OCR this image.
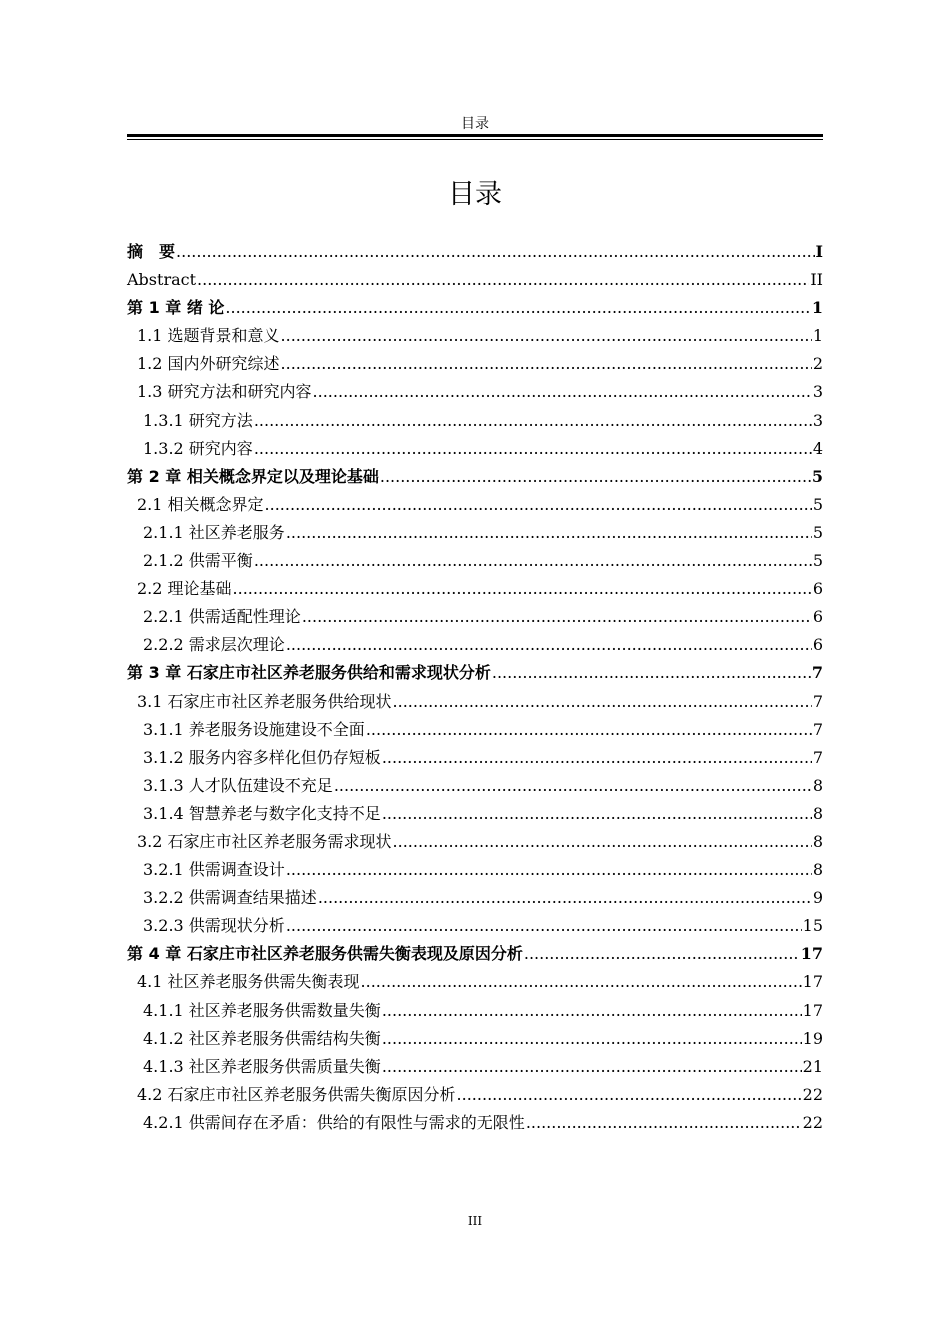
目录
目录
摘　要 .....	I
Abstract .....	II
第 1 章 绪 论 .....	1
1.1 选题背景和意义 .....	1
1.2 国内外研究综述 .....	2
1.3 研究方法和研究内容 .....	3
1.3.1 研究方法 .....	3
1.3.2 研究内容 .....	4
第 2 章 相关概念界定以及理论基础 .....	5
2.1 相关概念界定 .....	5
2.1.1 社区养老服务 .....	5
2.1.2 供需平衡 .....	5
2.2 理论基础 .....	6
2.2.1 供需适配性理论 .....	6
2.2.2 需求层次理论 .....	6
第 3 章 石家庄市社区养老服务供给和需求现状分析 .....	7
3.1 石家庄市社区养老服务供给现状 .....	7
3.1.1 养老服务设施建设不全面 .....	7
3.1.2 服务内容多样化但仍存短板 .....	7
3.1.3 人才队伍建设不充足 .....	8
3.1.4 智慧养老与数字化支持不足 .....	8
3.2 石家庄市社区养老服务需求现状 .....	8
3.2.1 供需调查设计 .....	8
3.2.2 供需调查结果描述 .....	9
3.2.3 供需现状分析 .....	15
第 4 章 石家庄市社区养老服务供需失衡表现及原因分析 .....	17
4.1 社区养老服务供需失衡表现 .....	17
4.1.1 社区养老服务供需数量失衡 .....	17
4.1.2 社区养老服务供需结构失衡 .....	19
4.1.3 社区养老服务供需质量失衡 .....	21
4.2 石家庄市社区养老服务供需失衡原因分析 .....	22
4.2.1 供需间存在矛盾：供给的有限性与需求的无限性 .....	22
III
